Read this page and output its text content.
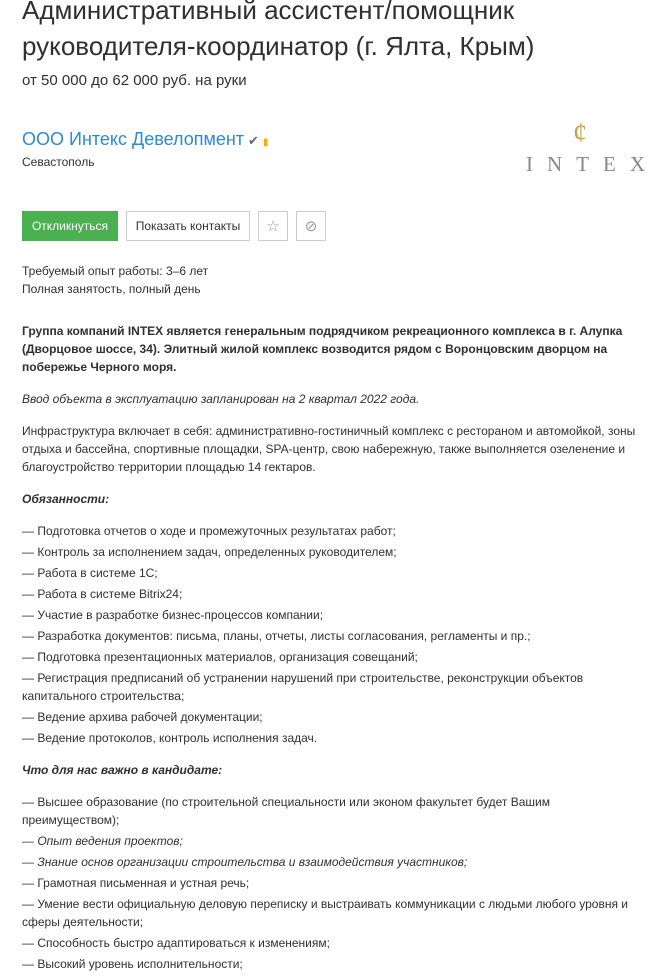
Административный ассистент/помощник руководителя-координатор (г. Ялта, Крым)
от 50 000 до 62 000 руб. на руки
ООО Интекс Девелопмент ✔ ▮
Севастополь
ȼ
INTEX
Откликнуться	Показать контакты	☆	⊘
Требуемый опыт работы: 3–6 лет

Полная занятость, полный день

Группа компаний INTEX является генеральным подрядчиком рекреационного комплекса в г. Алупка (Дворцовое шоссе, 34). Элитный жилой комплекс возводится рядом с Воронцовским дворцом на побережье Черного моря.

Ввод объекта в эксплуатацию запланирован на 2 квартал 2022 года.

Инфраструктура включает в себя: административно-гостиничный комплекс с рестораном и автомойкой, зоны отдыха и бассейна, спортивные площадки, SPA-центр, свою набережную, также выполняется озеленение и благоустройство территории площадью 14 гектаров.

Обязанности:

— Подготовка отчетов о ходе и промежуточных результатах работ;
— Контроль за исполнением задач, определенных руководителем;
— Работа в системе 1С;
— Работа в системе Bitrix24;
— Участие в разработке бизнес-процессов компании;
— Разработка документов: письма, планы, отчеты, листы согласования, регламенты и пр.;
— Подготовка презентационных материалов, организация совещаний;
— Регистрация предписаний об устранении нарушений при строительстве, реконструкции объектов капитального строительства;
— Ведение архива рабочей документации;
— Ведение протоколов, контроль исполнения задач.

Что для нас важно в кандидате:

— Высшее образование (по строительной специальности или эконом факультет будет Вашим преимуществом);
— Опыт ведения проектов;
— Знание основ организации строительства и взаимодействия участников;
— Грамотная письменная и устная речь;
— Умение вести официальную деловую переписку и выстраивать коммуникации с людьми любого уровня и сферы деятельности;
— Способность быстро адаптироваться к изменениям;
— Высокий уровень исполнительности;
